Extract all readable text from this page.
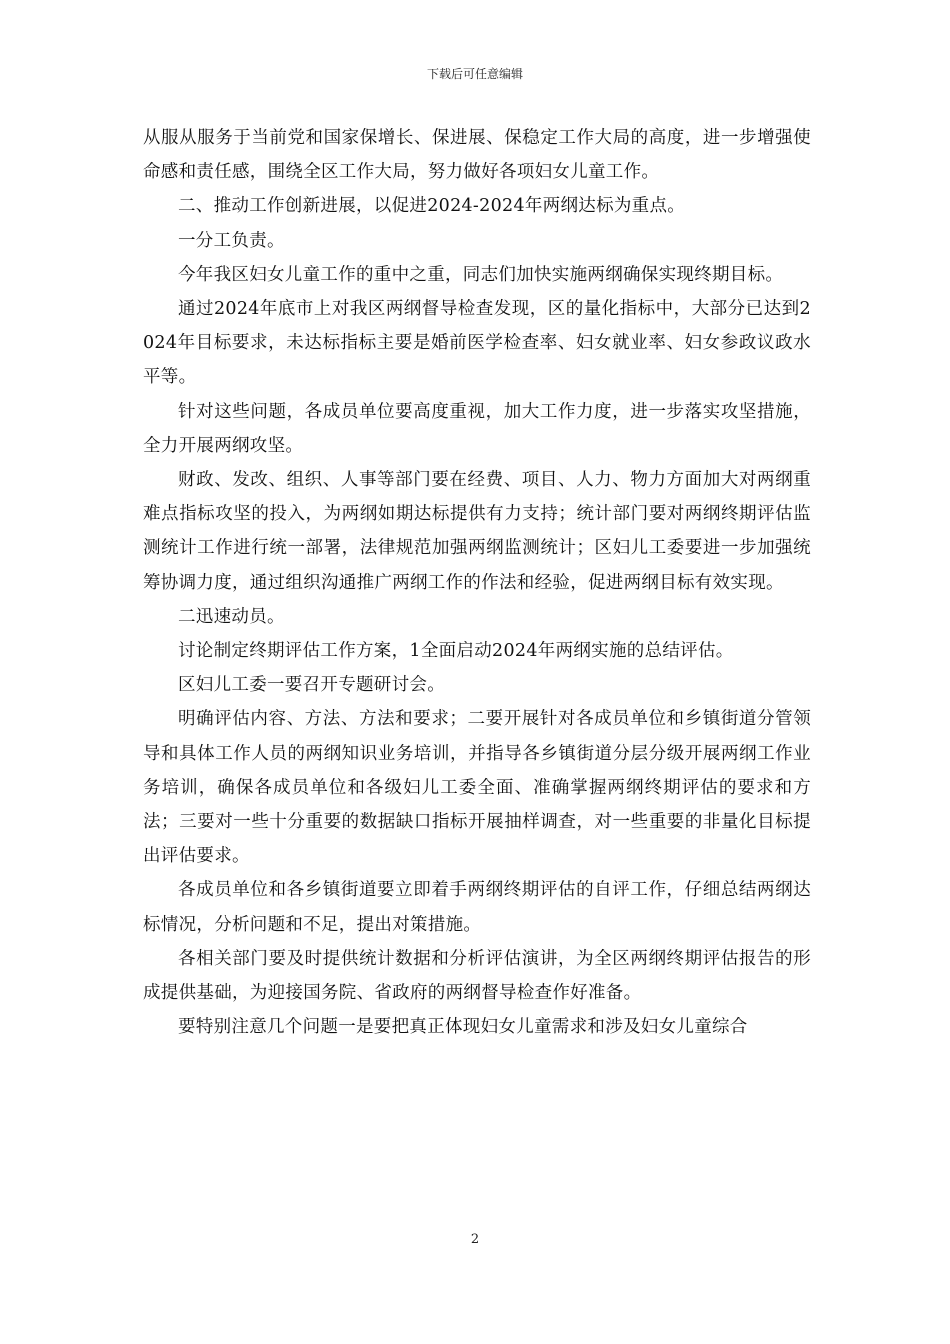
下载后可任意编辑

从服从服务于当前党和国家保增长、保进展、保稳定工作大局的高度，进一步增强使命感和责任感，围绕全区工作大局，努力做好各项妇女儿童工作。

二、推动工作创新进展，以促进2024-2024年两纲达标为重点。

一分工负责。

今年我区妇女儿童工作的重中之重，同志们加快实施两纲确保实现终期目标。

通过2024年底市上对我区两纲督导检查发现，区的量化指标中，大部分已达到2024年目标要求，未达标指标主要是婚前医学检查率、妇女就业率、妇女参政议政水平等。

针对这些问题，各成员单位要高度重视，加大工作力度，进一步落实攻坚措施，全力开展两纲攻坚。

财政、发改、组织、人事等部门要在经费、项目、人力、物力方面加大对两纲重难点指标攻坚的投入，为两纲如期达标提供有力支持；统计部门要对两纲终期评估监测统计工作进行统一部署，法律规范加强两纲监测统计；区妇儿工委要进一步加强统筹协调力度，通过组织沟通推广两纲工作的作法和经验，促进两纲目标有效实现。

二迅速动员。

讨论制定终期评估工作方案，1全面启动2024年两纲实施的总结评估。

区妇儿工委一要召开专题研讨会。

明确评估内容、方法、方法和要求；二要开展针对各成员单位和乡镇街道分管领导和具体工作人员的两纲知识业务培训，并指导各乡镇街道分层分级开展两纲工作业务培训，确保各成员单位和各级妇儿工委全面、准确掌握两纲终期评估的要求和方法；三要对一些十分重要的数据缺口指标开展抽样调查，对一些重要的非量化目标提出评估要求。

各成员单位和各乡镇街道要立即着手两纲终期评估的自评工作，仔细总结两纲达标情况，分析问题和不足，提出对策措施。

各相关部门要及时提供统计数据和分析评估演讲，为全区两纲终期评估报告的形成提供基础，为迎接国务院、省政府的两纲督导检查作好准备。

要特别注意几个问题一是要把真正体现妇女儿童需求和涉及妇女儿童综合

2
